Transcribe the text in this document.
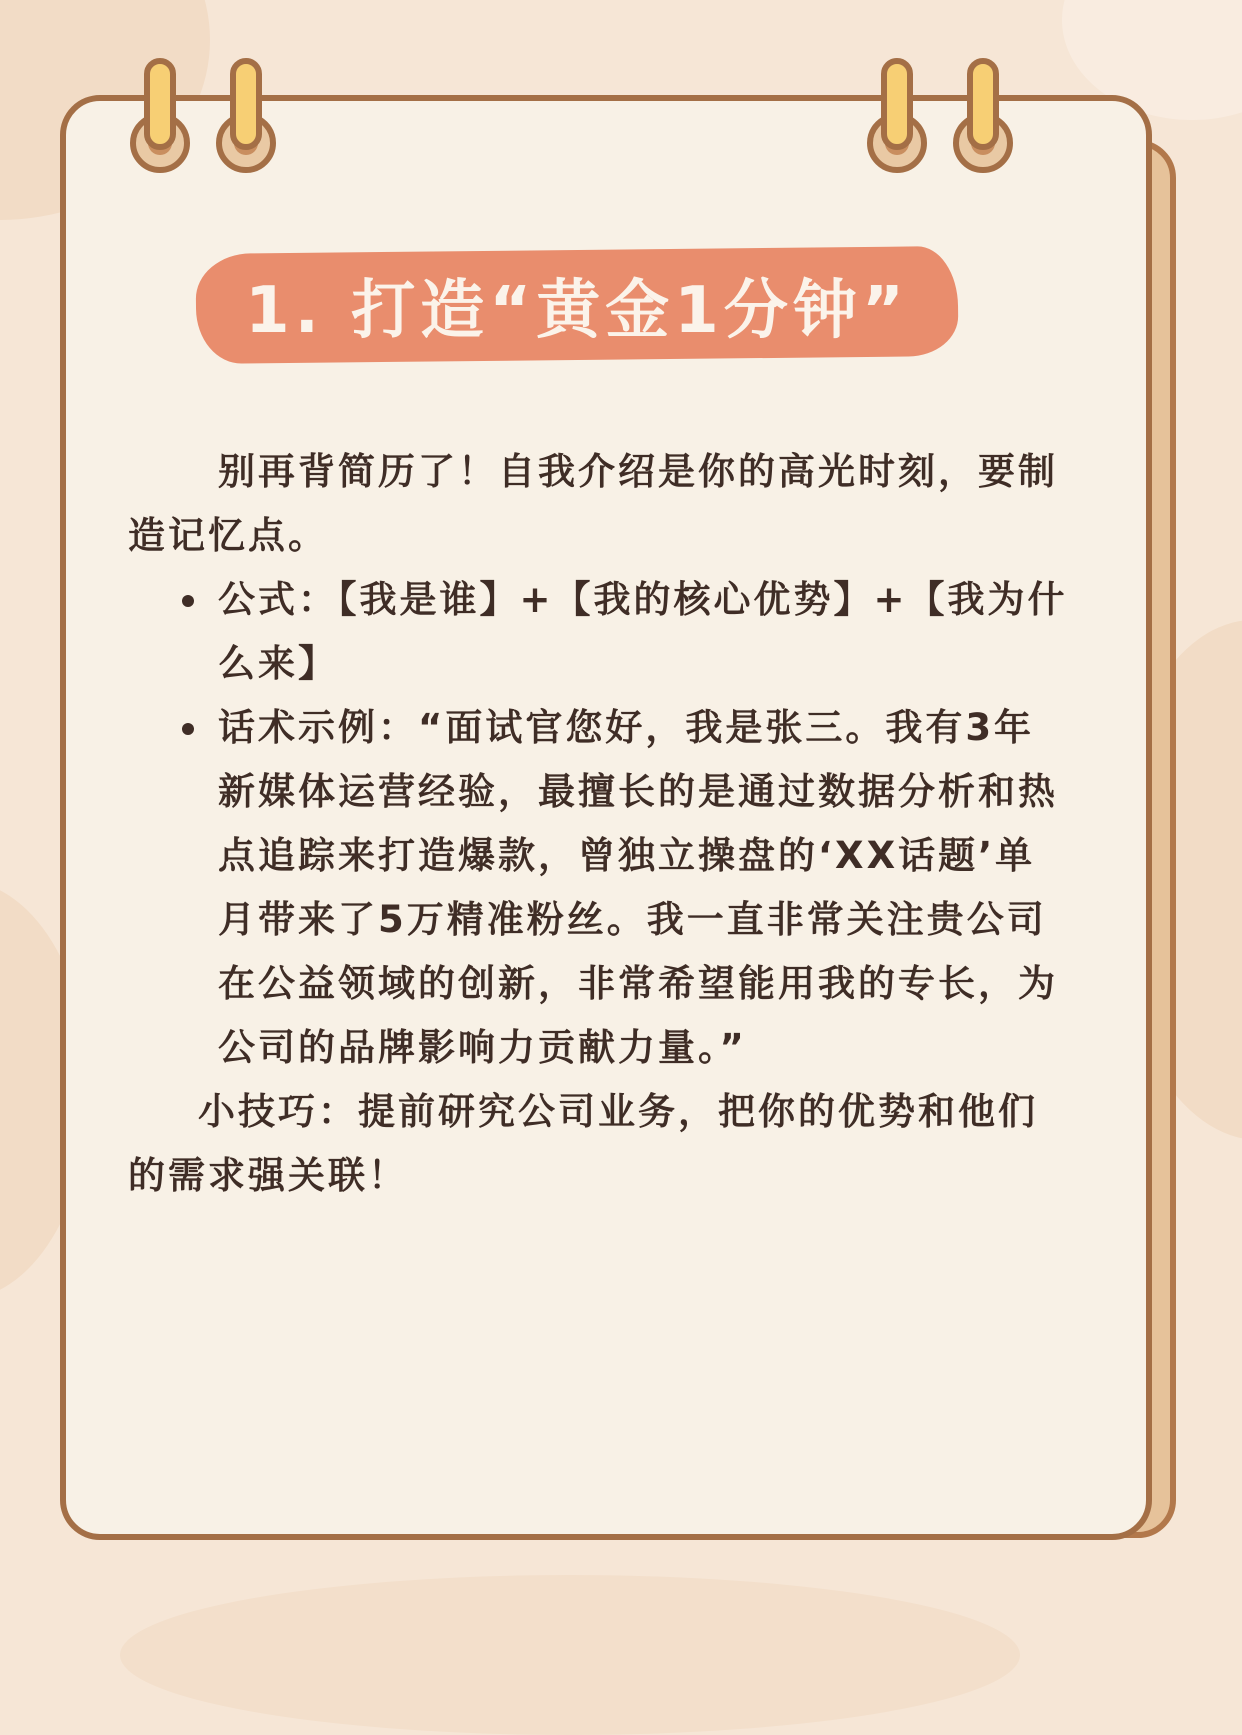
1. 打造“黄金1分钟”

别再背简历了！自我介绍是你的高光时刻，要制造记忆点。

公式：【我是谁】+【我的核心优势】+【我为什么来】
话术示例：“面试官您好，我是张三。我有3年新媒体运营经验，最擅长的是通过数据分析和热点追踪来打造爆款，曾独立操盘的‘XX话题’单月带来了5万精准粉丝。我一直非常关注贵公司在公益领域的创新，非常希望能用我的专长，为公司的品牌影响力贡献力量。”

小技巧：提前研究公司业务，把你的优势和他们的需求强关联！
